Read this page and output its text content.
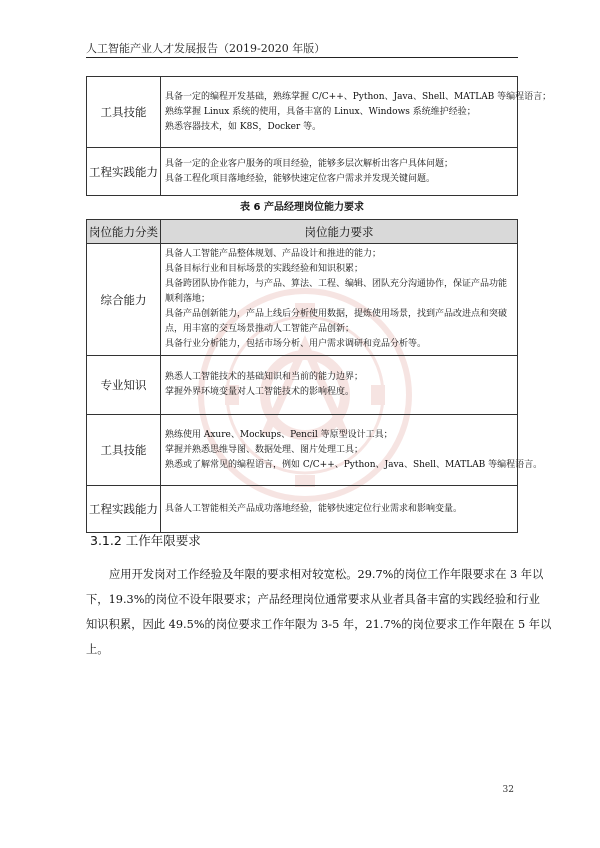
人工智能产业人才发展报告（2019-2020 年版）
工具技能	具备一定的编程开发基础，熟练掌握 C/C++、Python、Java、Shell、MATLAB 等编程语言；
熟练掌握 Linux 系统的使用，具备丰富的 Linux、Windows 系统维护经验；
熟悉容器技术，如 K8S，Docker 等。

工程实践能力	具备一定的企业客户服务的项目经验，能够多层次解析出客户具体问题；
具备工程化项目落地经验，能够快速定位客户需求并发现关键问题。
表 6 产品经理岗位能力要求
岗位能力分类	岗位能力要求
综合能力	具备人工智能产品整体规划、产品设计和推进的能力；
具备目标行业和目标场景的实践经验和知识积累；
具备跨团队协作能力，与产品、算法、工程、编辑、团队充分沟通协作，保证产品功能顺利落地；
具备产品创新能力，产品上线后分析使用数据，提炼使用场景，找到产品改进点和突破点，用丰富的交互场景推动人工智能产品创新；
具备行业分析能力，包括市场分析、用户需求调研和竞品分析等。

专业知识	熟悉人工智能技术的基础知识和当前的能力边界；
掌握外界环境变量对人工智能技术的影响程度。

工具技能	熟练使用 Axure、Mockups、Pencil 等原型设计工具；
掌握并熟悉思维导图、数据处理、图片处理工具；
熟悉或了解常见的编程语言，例如 C/C++、Python、Java、Shell、MATLAB 等编程语言。

工程实践能力	具备人工智能相关产品成功落地经验，能够快速定位行业需求和影响变量。
3.1.2 工作年限要求
应用开发岗对工作经验及年限的要求相对较宽松。29.7%的岗位工作年限要求在 3 年以
下，19.3%的岗位不设年限要求；产品经理岗位通常要求从业者具备丰富的实践经验和行业
知识积累，因此 49.5%的岗位要求工作年限为 3-5 年，21.7%的岗位要求工作年限在 5 年以
上。
32
